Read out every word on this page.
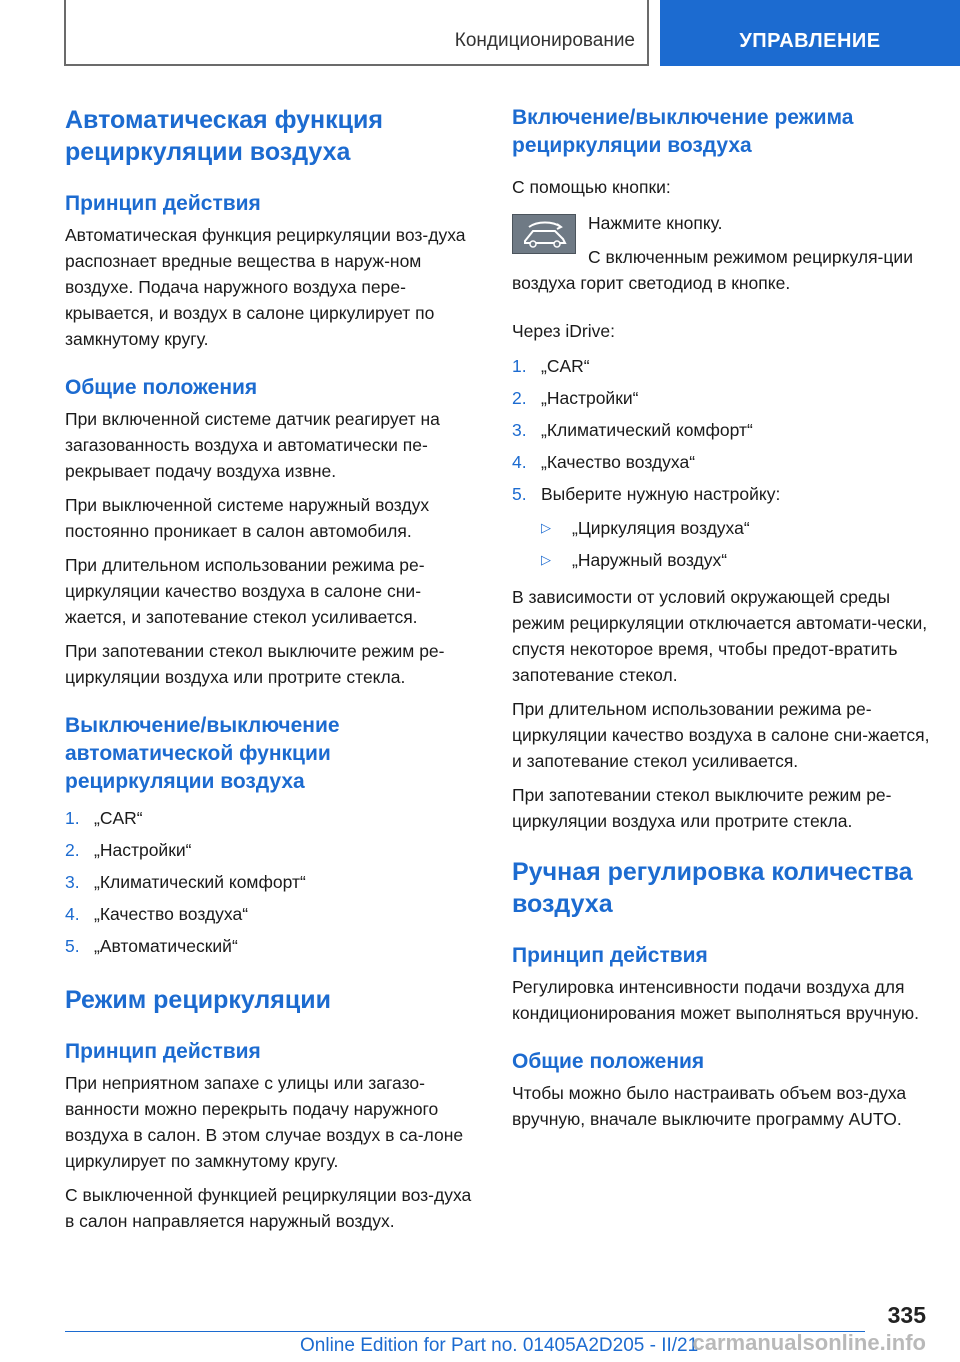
Кондиционирование	УПРАВЛЕНИЕ
Автоматическая функция рециркуляции воздуха
Принцип действия

Автоматическая функция рециркуляции воз-духа распознает вредные вещества в наруж-ном воздухе. Подача наружного воздуха пере-крывается, и воздух в салоне циркулирует по замкнутому кругу.

Общие положения

При включенной системе датчик реагирует на загазованность воздуха и автоматически пе-рекрывает подачу воздуха извне.

При выключенной системе наружный воздух постоянно проникает в салон автомобиля.

При длительном использовании режима ре-циркуляции качество воздуха в салоне сни-жается, и запотевание стекол усиливается.

При запотевании стекол выключите режим ре-циркуляции воздуха или протрите стекла.

Выключение/выключение автоматической функции рециркуляции воздуха
1. „CAR“
2. „Настройки“
3. „Климатический комфорт“
4. „Качество воздуха“
5. „Автоматический“
Режим рециркуляции
Принцип действия

При неприятном запахе с улицы или загазо-ванности можно перекрыть подачу наружного воздуха в салон. В этом случае воздух в са-лоне циркулирует по замкнутому кругу.

С выключенной функцией рециркуляции воз-духа в салон направляется наружный воздух.

Включение/выключение режима рециркуляции воздуха

С помощью кнопки:

Нажмите кнопку.

С включенным режимом рециркуля-ции воздуха горит светодиод в кнопке.

Через iDrive:

1. „CAR“
2. „Настройки“
3. „Климатический комфорт“
4. „Качество воздуха“
5. Выберите нужную настройку:
▷ „Циркуляция воздуха“
▷ „Наружный воздух“

В зависимости от условий окружающей среды режим рециркуляции отключается автомати-чески, спустя некоторое время, чтобы предот-вратить запотевание стекол.

При длительном использовании режима ре-циркуляции качество воздуха в салоне сни-жается, и запотевание стекол усиливается.

При запотевании стекол выключите режим ре-циркуляции воздуха или протрите стекла.

Ручная регулировка количества воздуха
Принцип действия

Регулировка интенсивности подачи воздуха для кондиционирования может выполняться вручную.

Общие положения

Чтобы можно было настраивать объем воз-духа вручную, вначале выключите программу AUTO.

335
Online Edition for Part no. 01405A2D205 - II/21
carmanualsonline.info
